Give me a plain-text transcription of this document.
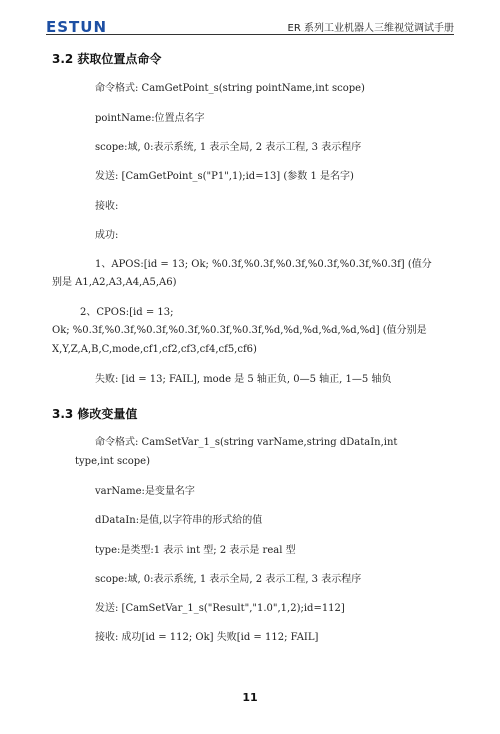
ESTUN	ER 系列工业机器人三维视觉调试手册
3.2 获取位置点命令
命令格式: CamGetPoint_s(string pointName,int scope)
pointName:位置点名字
scope:域, 0:表示系统, 1 表示全局, 2 表示工程, 3 表示程序
发送: [CamGetPoint_s("P1",1);id=13] (参数 1 是名字)
接收:
成功:
1、APOS:[id = 13; Ok; %0.3f,%0.3f,%0.3f,%0.3f,%0.3f,%0.3f] (值分
别是 A1,A2,A3,A4,A5,A6)
2、CPOS:[id = 13;
Ok; %0.3f,%0.3f,%0.3f,%0.3f,%0.3f,%0.3f,%d,%d,%d,%d,%d,%d] (值分别是
X,Y,Z,A,B,C,mode,cf1,cf2,cf3,cf4,cf5,cf6)
失败: [id = 13; FAIL], mode 是 5 轴正负, 0—5 轴正, 1—5 轴负
3.3 修改变量值
命令格式: CamSetVar_1_s(string varName,string dDataIn,int
type,int scope)
varName:是变量名字
dDataIn:是值,以字符串的形式给的值
type:是类型:1 表示 int 型; 2 表示是 real 型
scope:域, 0:表示系统, 1 表示全局, 2 表示工程, 3 表示程序
发送: [CamSetVar_1_s("Result","1.0",1,2);id=112]
接收: 成功[id = 112; Ok] 失败[id = 112; FAIL]
11
